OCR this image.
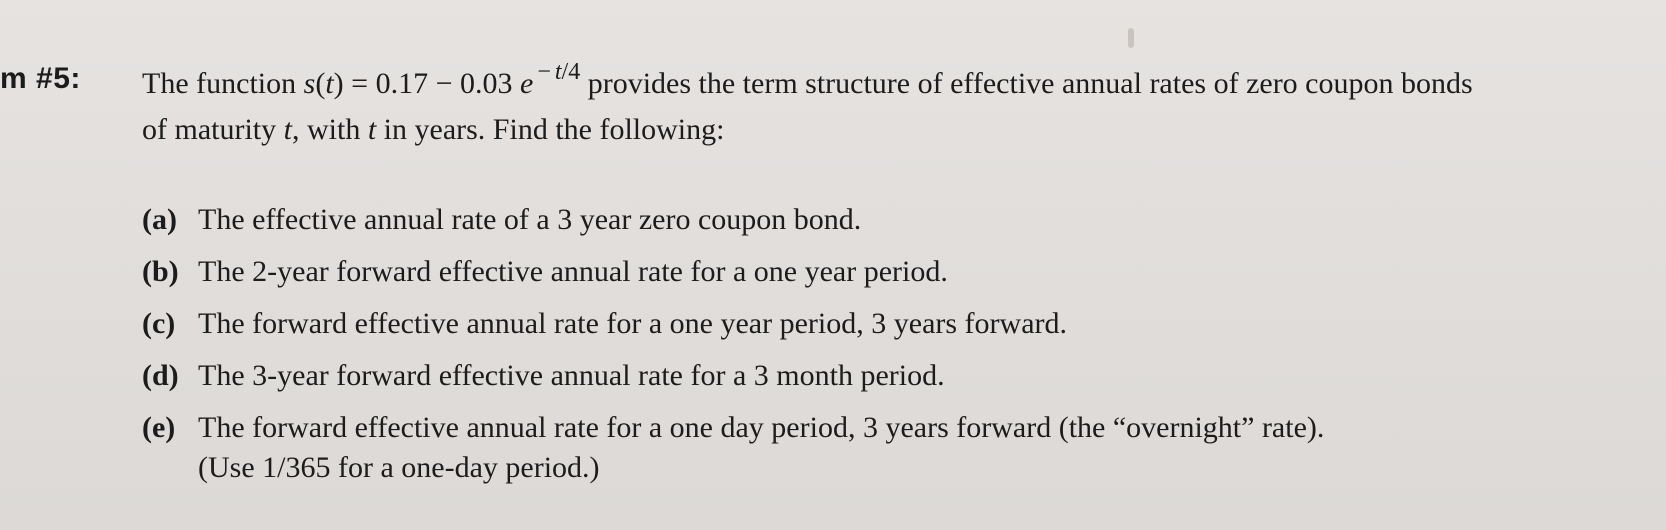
m #5: The function s(t) = 0.17 − 0.03 e $^{- t/4}$ provides the term structure of effective annual rates of zero coupon bonds
of maturity t, with t in years. Find the following:
(a) The effective annual rate of a 3 year zero coupon bond.
(b) The 2-year forward effective annual rate for a one year period.
(c) The forward effective annual rate for a one year period, 3 years forward.
(d) The 3-year forward effective annual rate for a 3 month period.
(e) The forward effective annual rate for a one day period, 3 years forward (the “overnight” rate).
(Use 1/365 for a one-day period.)
